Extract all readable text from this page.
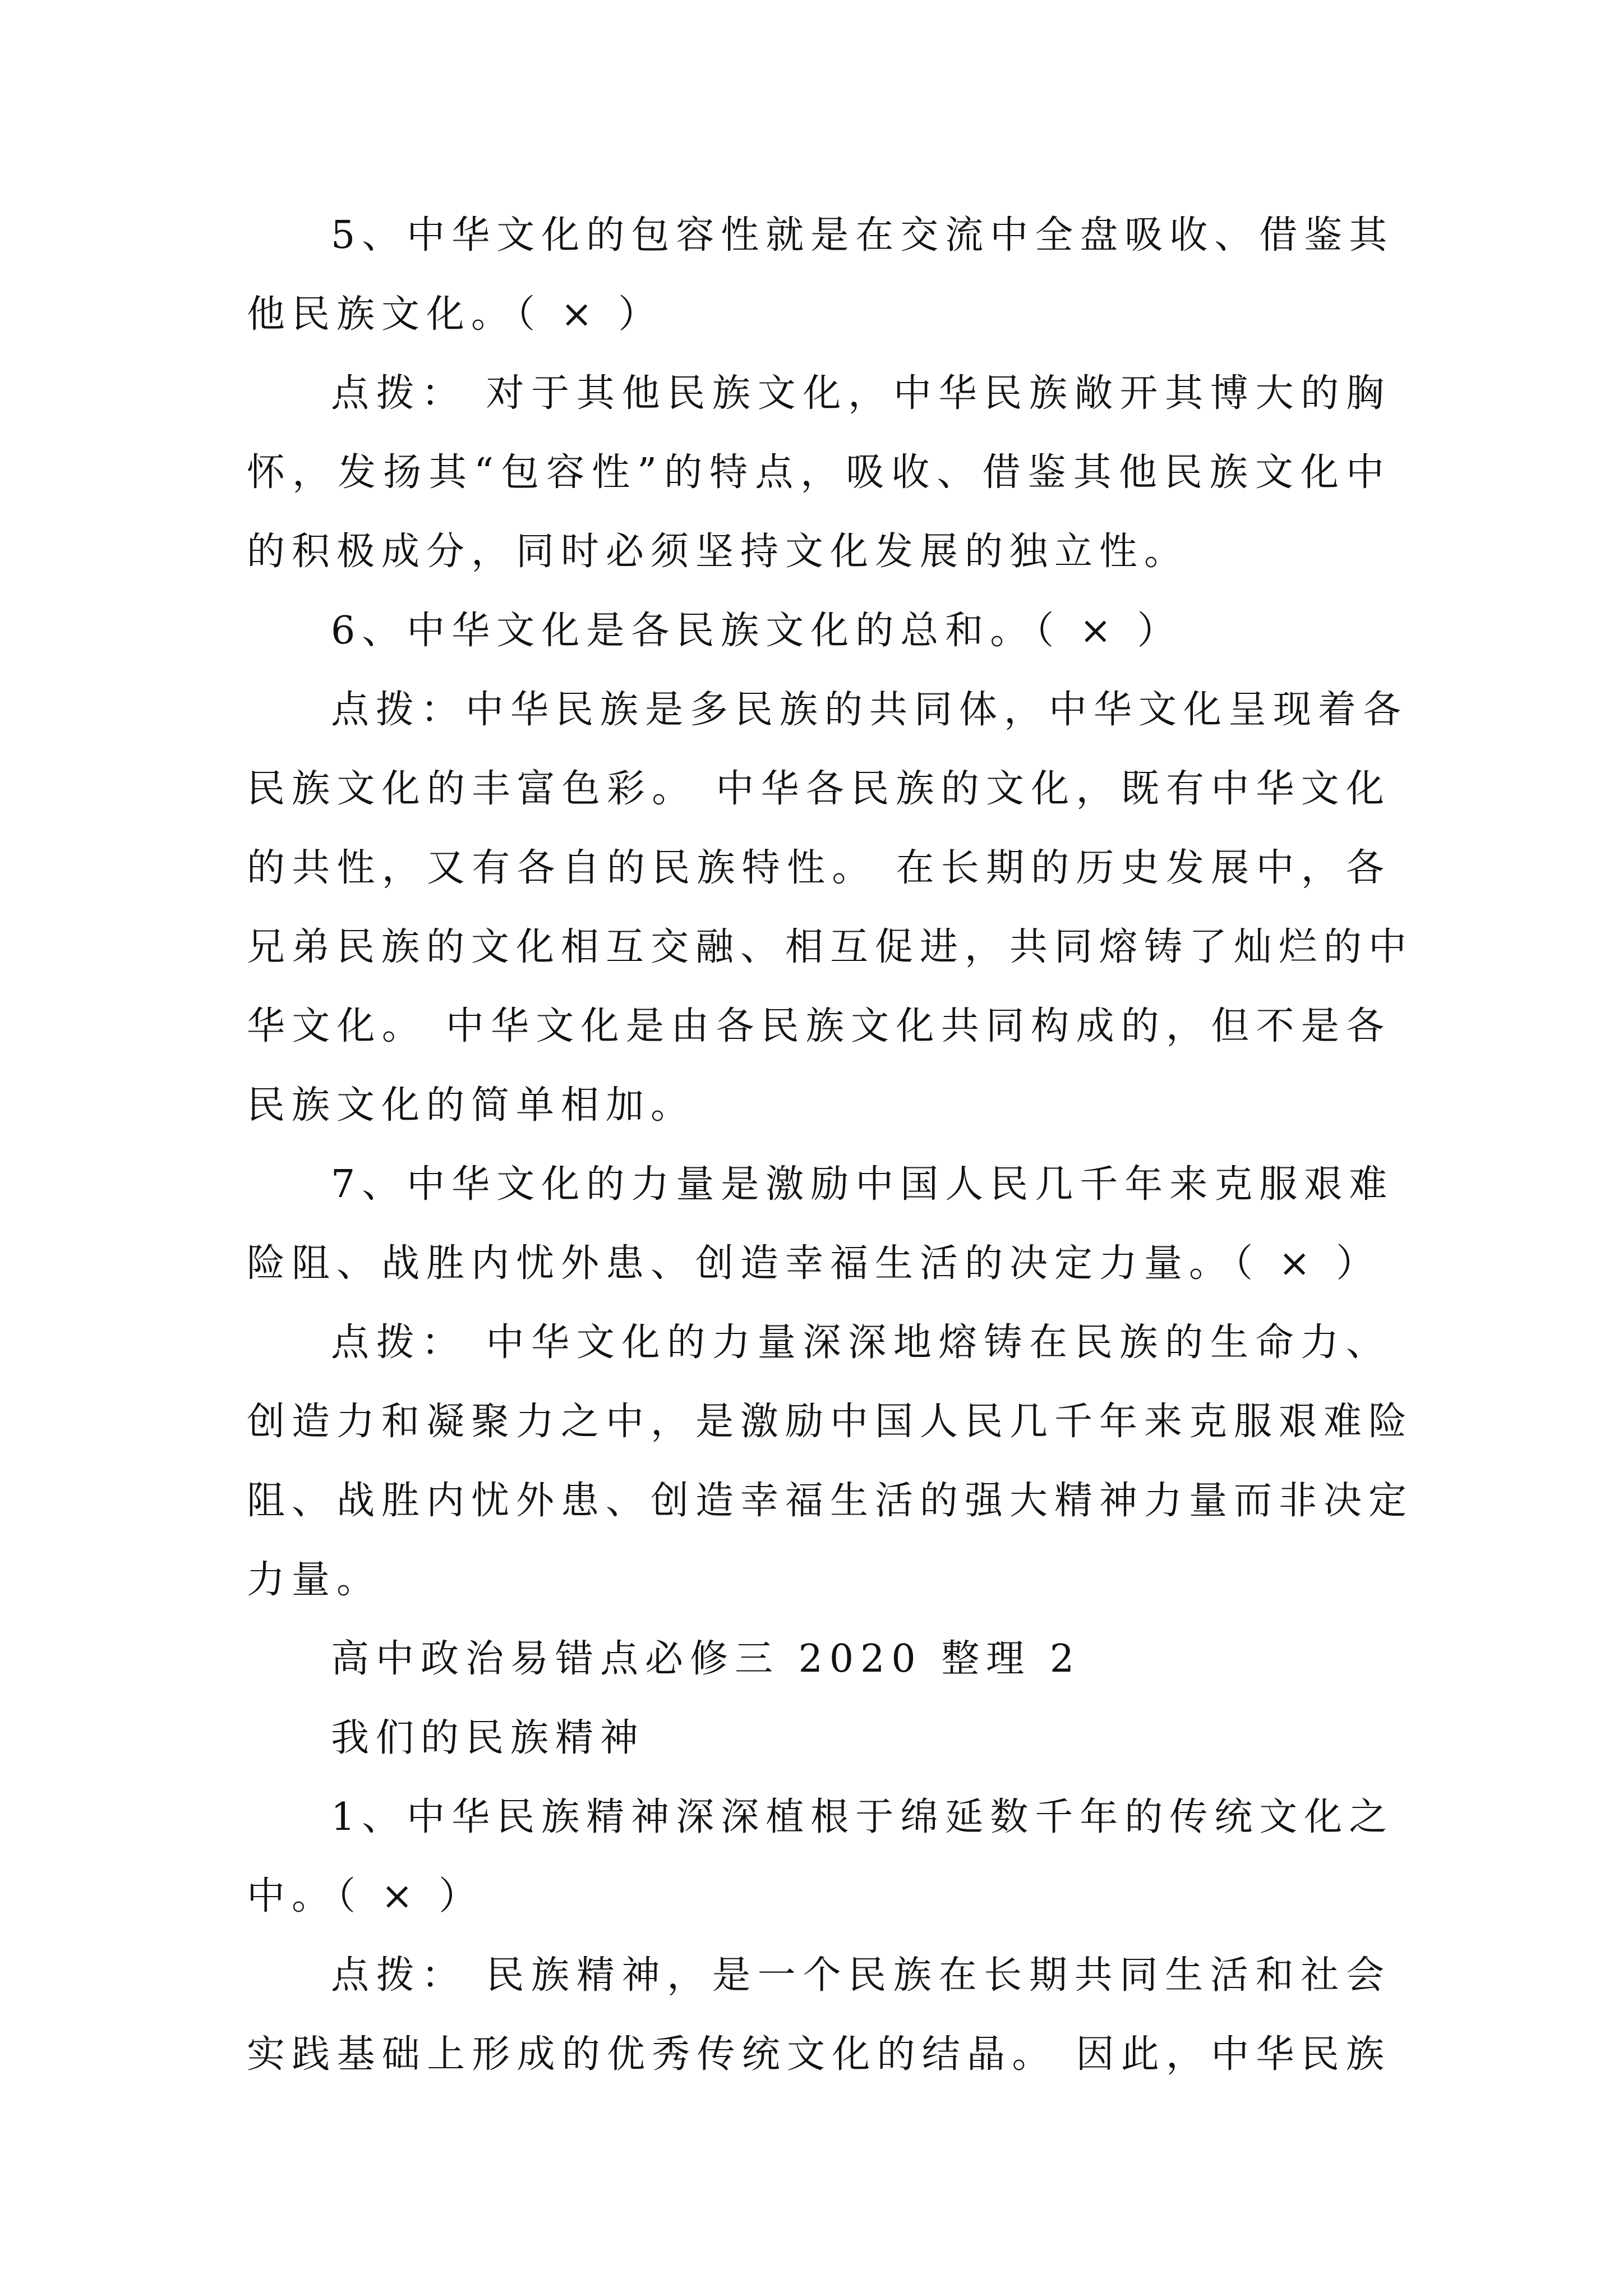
5、中华文化的包容性就是在交流中全盘吸收、借鉴其
他民族文化。（ × ）
点拨： 对于其他民族文化，中华民族敞开其博大的胸
怀，发扬其“包容性”的特点，吸收、借鉴其他民族文化中
的积极成分，同时必须坚持文化发展的独立性。
6、中华文化是各民族文化的总和。（ × ）
点拨：中华民族是多民族的共同体，中华文化呈现着各
民族文化的丰富色彩。 中华各民族的文化，既有中华文化
的共性，又有各自的民族特性。 在长期的历史发展中，各
兄弟民族的文化相互交融、相互促进，共同熔铸了灿烂的中
华文化。 中华文化是由各民族文化共同构成的，但不是各
民族文化的简单相加。
7、中华文化的力量是激励中国人民几千年来克服艰难
险阻、战胜内忧外患、创造幸福生活的决定力量。（ × ）
点拨： 中华文化的力量深深地熔铸在民族的生命力、
创造力和凝聚力之中，是激励中国人民几千年来克服艰难险
阻、战胜内忧外患、创造幸福生活的强大精神力量而非决定
力量。
高中政治易错点必修三 2020 整理 2
我们的民族精神
1、中华民族精神深深植根于绵延数千年的传统文化之
中。（ × ）
点拨： 民族精神，是一个民族在长期共同生活和社会
实践基础上形成的优秀传统文化的结晶。 因此，中华民族
